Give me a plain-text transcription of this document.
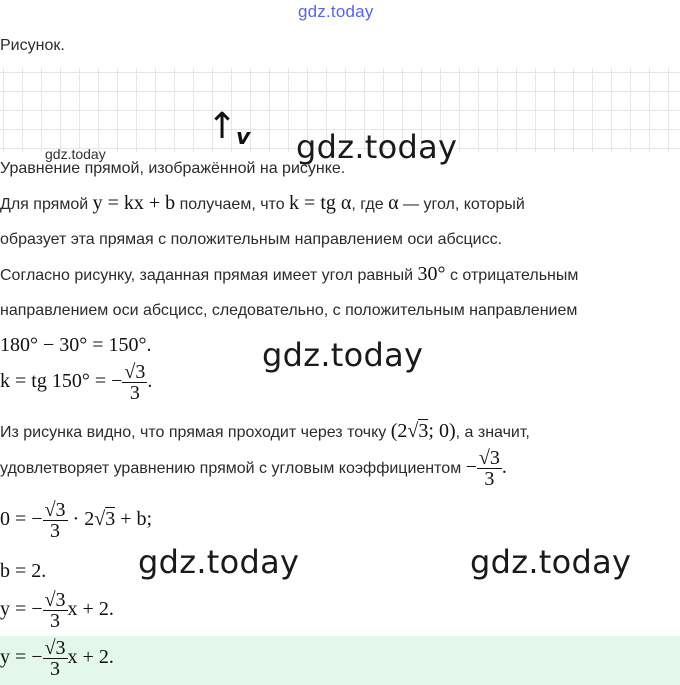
gdz.today
Рисунок.
↑
v gdz.today
gdz.today
Уравнение прямой, изображённой на рисунке.
Для прямой y = kx + b получаем, что k = tg α, где α — угол, который
образует эта прямая с положительным направлением оси абсцисс.
Согласно рисунку, заданная прямая имеет угол равный 30° с отрицательным
направлением оси абсцисс, следовательно, с положительным направлением
180° − 30° = 150°.	gdz.today
k = tg 150° = − $\frac{√3}{3}$ .
Из рисунка видно, что прямая проходит через точку (2√3; 0), а значит,
удовлетворяет уравнению прямой с угловым коэффициентом − $\frac{√3}{3}$ .
0 = − $\frac{√3}{3} \cdot 2√3 + b$;
b = 2.	gdz.today	gdz.today
y = − $\frac{√3}{3}$ x + 2.
y = − $\frac{√3}{3}$ x + 2.
